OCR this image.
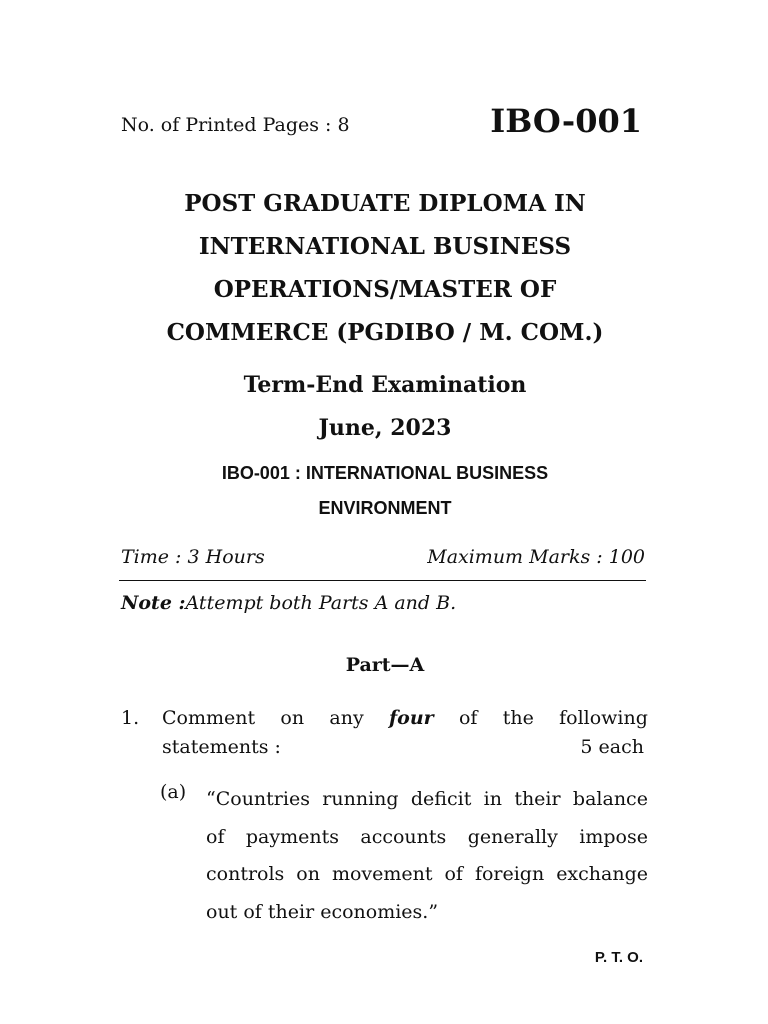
No. of Printed Pages : 8	IBO-001
POST GRADUATE DIPLOMA IN
INTERNATIONAL BUSINESS
OPERATIONS/MASTER OF
COMMERCE (PGDIBO / M. COM.)
Term-End Examination
June, 2023
IBO-001 : INTERNATIONAL BUSINESS
ENVIRONMENT
Time : 3 Hours	Maximum Marks : 100
Note :Attempt both Parts A and B.
Part—A
1. Comment on any four of the following
statements :	5 each
(a) “Countries running deficit in their balance
of payments accounts generally impose
controls on movement of foreign exchange
out of their economies.”
P. T. O.
